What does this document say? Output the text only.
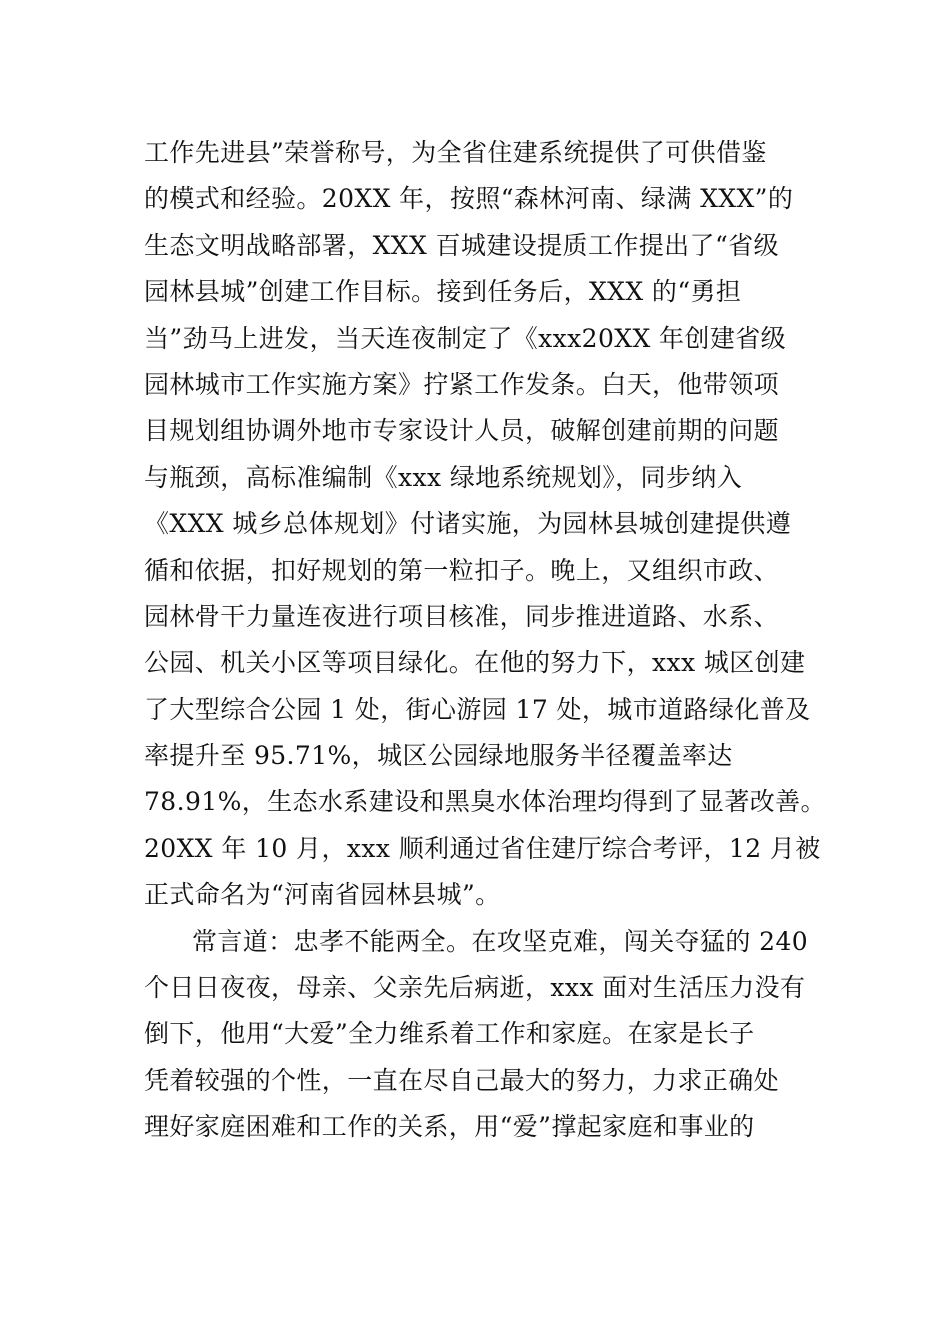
工作先进县”荣誉称号，为全省住建系统提供了可供借鉴
的模式和经验。20XX 年，按照“森林河南、绿满 XXX”的
生态文明战略部署，XXX 百城建设提质工作提出了“省级
园林县城”创建工作目标。接到任务后，XXX 的“勇担
当”劲马上进发，当天连夜制定了《xxx20XX 年创建省级
园林城市工作实施方案》拧紧工作发条。白天，他带领项
目规划组协调外地市专家设计人员，破解创建前期的问题
与瓶颈，高标准编制《xxx 绿地系统规划》，同步纳入
《XXX 城乡总体规划》付诸实施，为园林县城创建提供遵
循和依据，扣好规划的第一粒扣子。晚上，又组织市政、
园林骨干力量连夜进行项目核准，同步推进道路、水系、
公园、机关小区等项目绿化。在他的努力下，xxx 城区创建
了大型综合公园 1 处，街心游园 17 处，城市道路绿化普及
率提升至 95.71%，城区公园绿地服务半径覆盖率达
78.91%，生态水系建设和黑臭水体治理均得到了显著改善。
20XX 年 10 月，xxx 顺利通过省住建厅综合考评，12 月被
正式命名为“河南省园林县城”。
常言道：忠孝不能两全。在攻坚克难，闯关夺猛的 240
个日日夜夜，母亲、父亲先后病逝，xxx 面对生活压力没有
倒下，他用“大爱”全力维系着工作和家庭。在家是长子
凭着较强的个性，一直在尽自己最大的努力，力求正确处
理好家庭困难和工作的关系，用“爱”撑起家庭和事业的
